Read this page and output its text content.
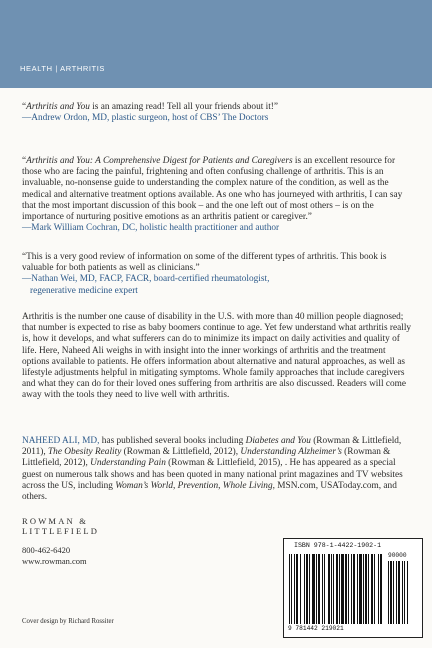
HEALTH | ARTHRITIS

“Arthritis and You is an amazing read! Tell all your friends about it!”

—Andrew Ordon, MD, plastic surgeon, host of CBS’ The Doctors

“Arthritis and You: A Comprehensive Digest for Patients and Caregivers is an excellent resource for those who are facing the painful, frightening and often confusing challenge of arthritis. This is an invaluable, no-nonsense guide to understanding the complex nature of the condition, as well as the medical and alternative treatment options available. As one who has journeyed with arthritis, I can say that the most important discussion of this book – and the one left out of most others – is on the importance of nurturing positive emotions as an arthritis patient or caregiver.”

—Mark William Cochran, DC, holistic health practitioner and author

“This is a very good review of information on some of the different types of arthritis. This book is valuable for both patients as well as clinicians.”

—Nathan Wei, MD, FACP, FACR, board-certified rheumatologist,
regenerative medicine expert

Arthritis is the number one cause of disability in the U.S. with more than 40 million people diagnosed; that number is expected to rise as baby boomers continue to age. Yet few understand what arthritis really is, how it develops, and what sufferers can do to minimize its impact on daily activities and quality of life. Here, Naheed Ali weighs in with insight into the inner workings of arthritis and the treatment options available to patients. He offers information about alternative and natural approaches, as well as lifestyle adjustments helpful in mitigating symptoms. Whole family approaches that include caregivers and what they can do for their loved ones suffering from arthritis are also discussed. Readers will come away with the tools they need to live well with arthritis.
NAHEED ALI, MD, has published several books including Diabetes and You (Rowman & Littlefield, 2011), The Obesity Reality (Rowman & Littlefield, 2012), Understanding Alzheimer’s (Rowman & Littlefield, 2012), Understanding Pain (Rowman & Littlefield, 2015), . He has appeared as a special guest on numerous talk shows and has been quoted in many national print magazines and TV websites across the US, including Woman’s World, Prevention, Whole Living, MSN.com, USAToday.com, and others.
ROWMAN &
LITTLEFIELD
800-462-6420
www.rowman.com
Cover design by Richard Rossiter
ISBN 978-1-4422-1902-1
90000
9 781442 219021
